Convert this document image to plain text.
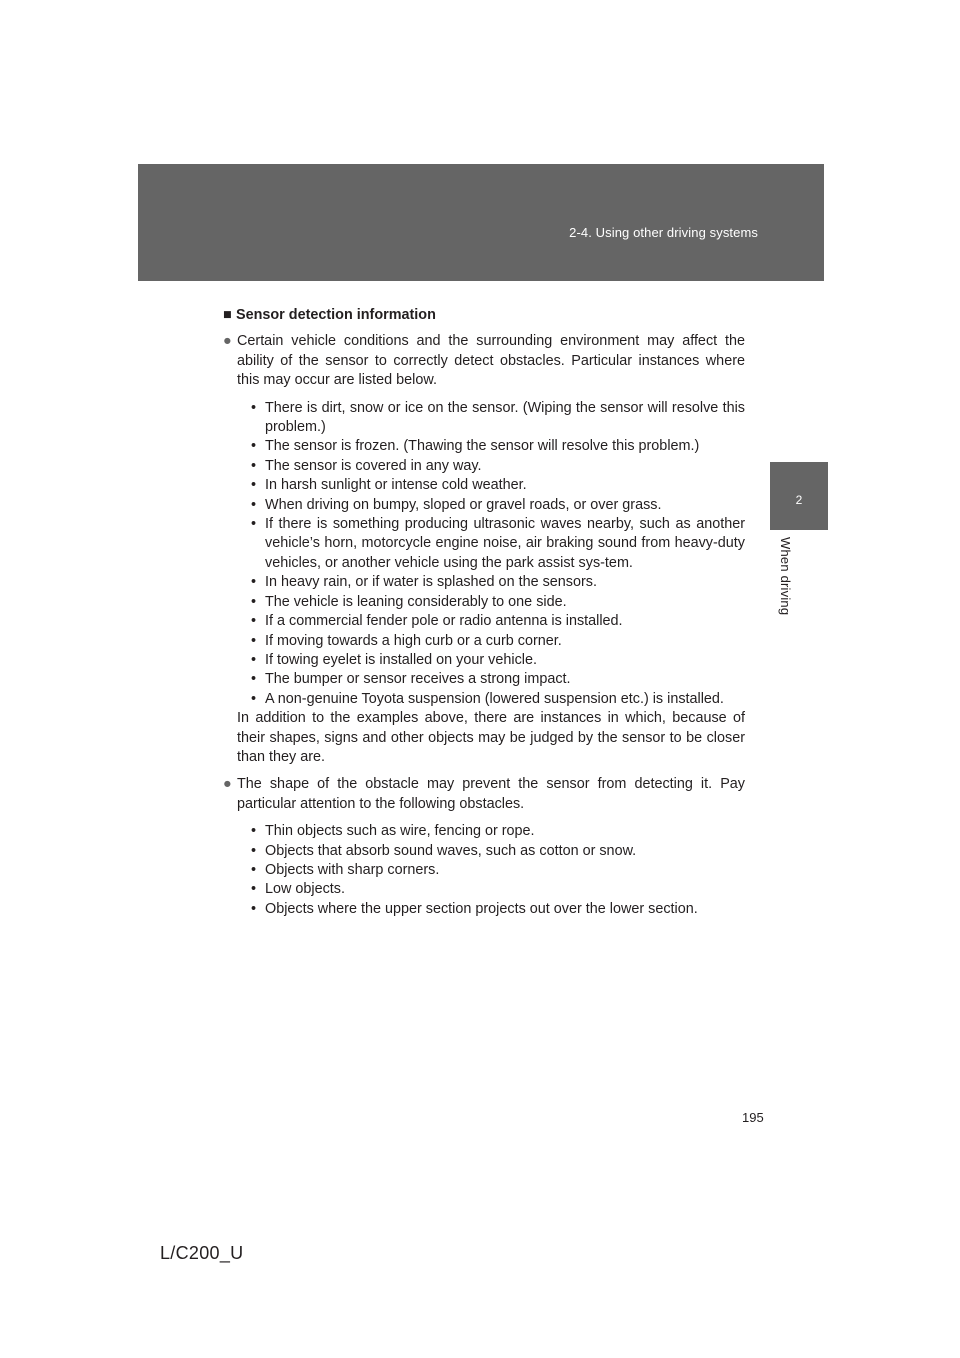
2-4. Using other driving systems
2
When driving
■ Sensor detection information
● Certain vehicle conditions and the surrounding environment may affect the ability of the sensor to correctly detect obstacles. Particular instances where this may occur are listed below.
• There is dirt, snow or ice on the sensor. (Wiping the sensor will resolve this problem.)
• The sensor is frozen. (Thawing the sensor will resolve this problem.)
• The sensor is covered in any way.
• In harsh sunlight or intense cold weather.
• When driving on bumpy, sloped or gravel roads, or over grass.
• If there is something producing ultrasonic waves nearby, such as another vehicle’s horn, motorcycle engine noise, air braking sound from heavy-duty vehicles, or another vehicle using the park assist sys-tem.
• In heavy rain, or if water is splashed on the sensors.
• The vehicle is leaning considerably to one side.
• If a commercial fender pole or radio antenna is installed.
• If moving towards a high curb or a curb corner.
• If towing eyelet is installed on your vehicle.
• The bumper or sensor receives a strong impact.
• A non-genuine Toyota suspension (lowered suspension etc.) is installed.

In addition to the examples above, there are instances in which, because of their shapes, signs and other objects may be judged by the sensor to be closer than they are.

● The shape of the obstacle may prevent the sensor from detecting it. Pay particular attention to the following obstacles.
• Thin objects such as wire, fencing or rope.
• Objects that absorb sound waves, such as cotton or snow.
• Objects with sharp corners.
• Low objects.
• Objects where the upper section projects out over the lower section.
195
L/C200_U
